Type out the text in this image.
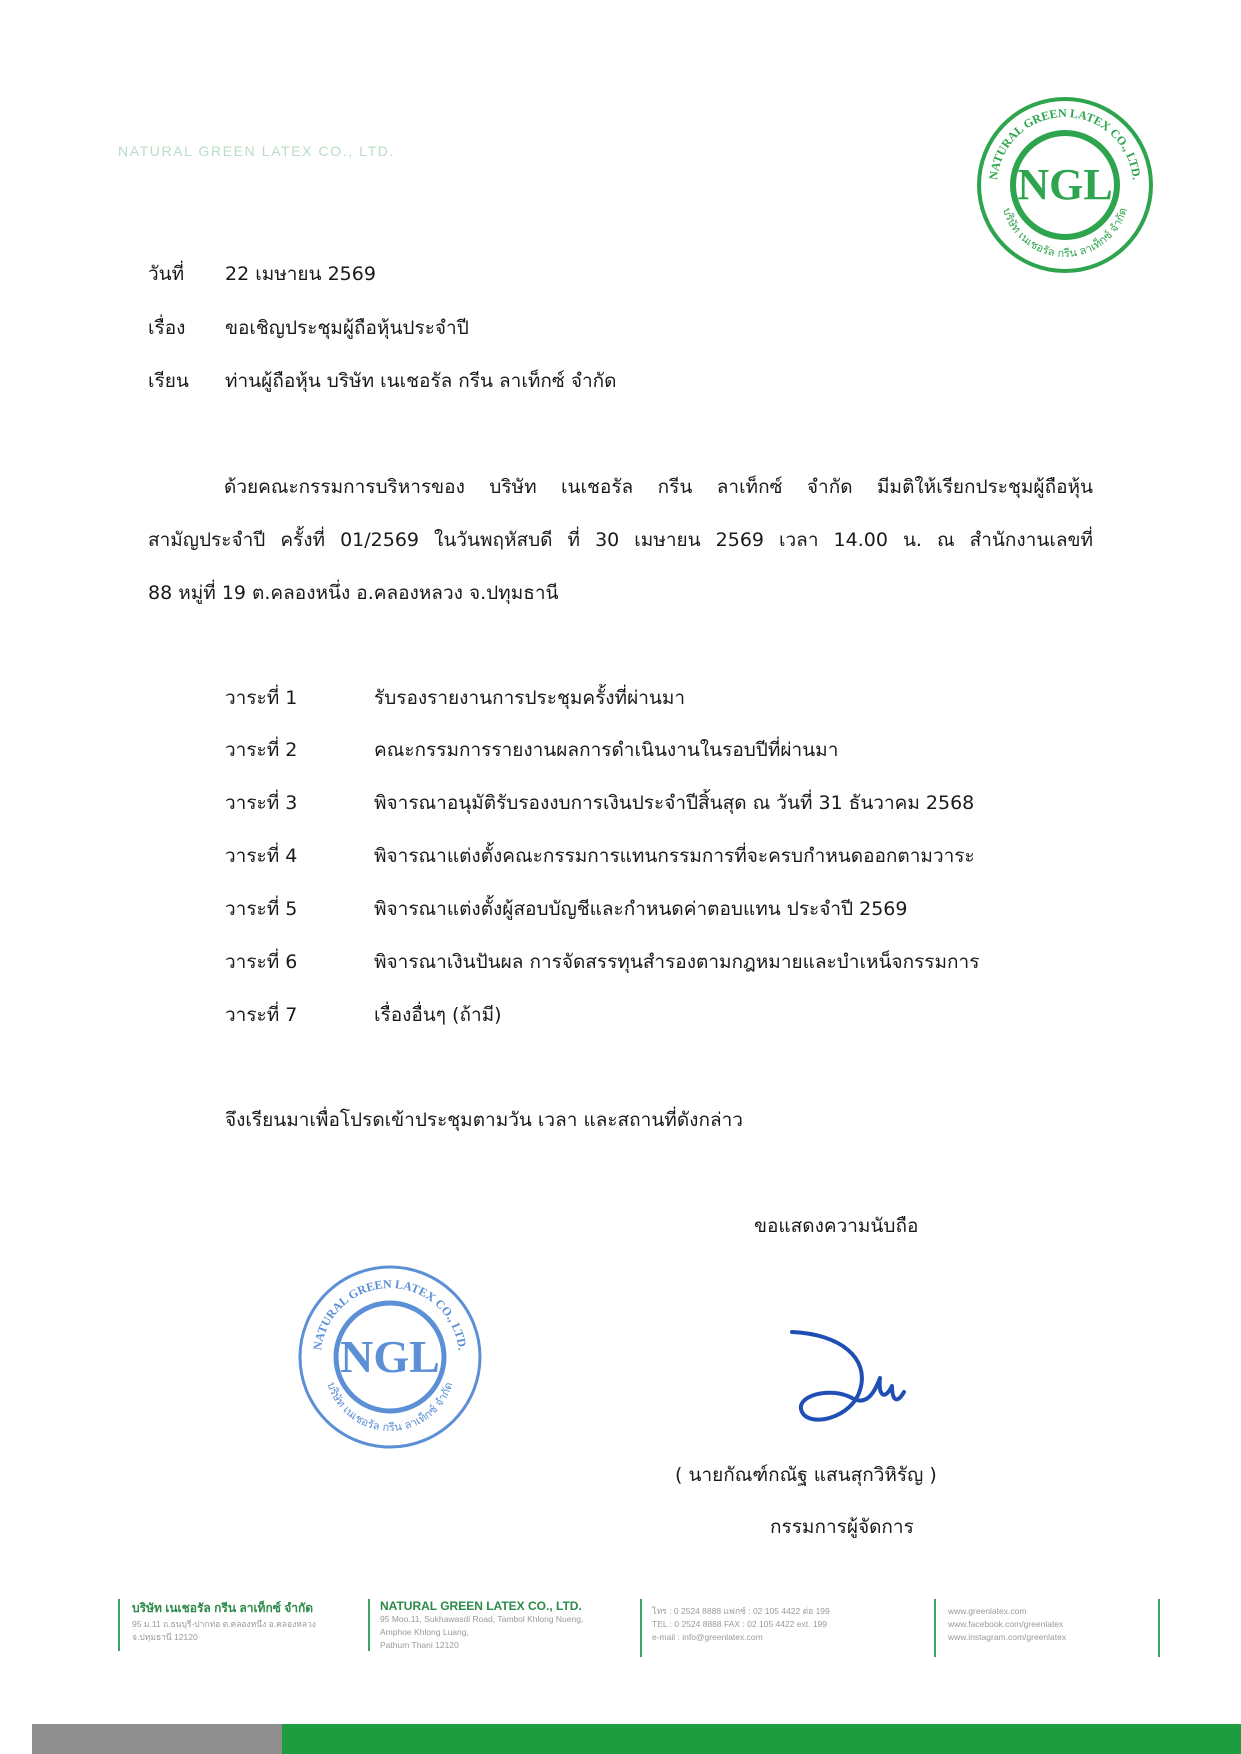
NATURAL GREEN LATEX CO., LTD.
NATURAL GREEN LATEX CO., LTD.
บริษัท เนเชอรัล กรีน ลาเท็กซ์ จำกัด
NGL
วันที่ 22 เมษายน 2569
เรื่อง ขอเชิญประชุมผู้ถือหุ้นประจำปี
เรียน ท่านผู้ถือหุ้น บริษัท เนเชอรัล กรีน ลาเท็กซ์ จำกัด
ด้วยคณะกรรมการบริหารของ บริษัท เนเชอรัล กรีน ลาเท็กซ์ จำกัด มีมติให้เรียกประชุมผู้ถือหุ้น
สามัญประจำปี ครั้งที่ 01/2569 ในวันพฤหัสบดี ที่ 30 เมษายน 2569 เวลา 14.00 น. ณ สำนักงานเลขที่
88 หมู่ที่ 19 ต.คลองหนึ่ง อ.คลองหลวง จ.ปทุมธานี
วาระที่ 1	รับรองรายงานการประชุมครั้งที่ผ่านมา
วาระที่ 2	คณะกรรมการรายงานผลการดำเนินงานในรอบปีที่ผ่านมา
วาระที่ 3	พิจารณาอนุมัติรับรองงบการเงินประจำปีสิ้นสุด ณ วันที่ 31 ธันวาคม 2568
วาระที่ 4	พิจารณาแต่งตั้งคณะกรรมการแทนกรรมการที่จะครบกำหนดออกตามวาระ
วาระที่ 5	พิจารณาแต่งตั้งผู้สอบบัญชีและกำหนดค่าตอบแทน ประจำปี 2569
วาระที่ 6	พิจารณาเงินปันผล การจัดสรรทุนสำรองตามกฎหมายและบำเหน็จกรรมการ
วาระที่ 7	เรื่องอื่นๆ (ถ้ามี)
จึงเรียนมาเพื่อโปรดเข้าประชุมตามวัน เวลา และสถานที่ดังกล่าว
ขอแสดงความนับถือ
NATURAL GREEN LATEX CO., LTD.
บริษัท เนเชอรัล กรีน ลาเท็กซ์ จำกัด
NGL
( นายกัณฑ์กณัฐ แสนสุกวิหิรัญ )
กรรมการผู้จัดการ
บริษัท เนเชอรัล กรีน ลาเท็กซ์ จำกัด
95 ม.11 ถ.ธนบุรี-ปากท่อ ต.คลองหนึ่ง อ.คลองหลวง
จ.ปทุมธานี 12120
NATURAL GREEN LATEX CO., LTD.
95 Moo.11, Sukhawasdi Road, Tambol Khlong Nueng,
Amphoe Khlong Luang,
Pathum Thani 12120
โทร : 0 2524 8888 แฟกซ์ : 02 105 4422 ต่อ 199
TEL : 0 2524 8888 FAX : 02 105 4422 ext. 199
e-mail : info@greenlatex.com
www.greenlatex.com
www.facebook.com/greenlatex
www.instagram.com/greenlatex
